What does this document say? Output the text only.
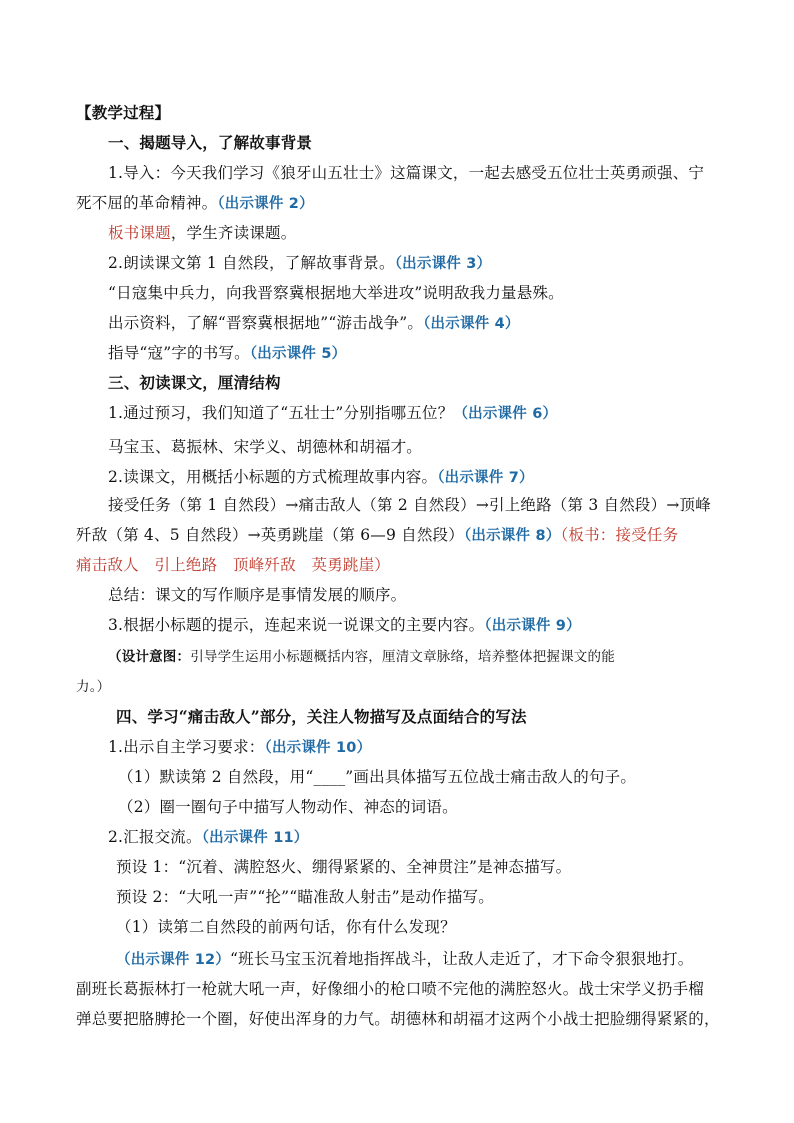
【教学过程】
一、揭题导入，了解故事背景
1.导入：今天我们学习《狼牙山五壮士》这篇课文，一起去感受五位壮士英勇顽强、宁
死不屈的革命精神。（出示课件 2）
板书课题，学生齐读课题。
2.朗读课文第 1 自然段，了解故事背景。（出示课件 3）
“日寇集中兵力，向我晋察冀根据地大举进攻”说明敌我力量悬殊。
出示资料，了解“晋察冀根据地”“游击战争”。（出示课件 4）
指导“寇”字的书写。（出示课件 5）
三、初读课文，厘清结构
1.通过预习，我们知道了“五壮士”分别指哪五位？（出示课件 6）
马宝玉、葛振林、宋学义、胡德林和胡福才。
2.读课文，用概括小标题的方式梳理故事内容。（出示课件 7）
接受任务（第 1 自然段）→痛击敌人（第 2 自然段）→引上绝路（第 3 自然段）→顶峰
歼敌（第 4、5 自然段）→英勇跳崖（第 6—9 自然段）（出示课件 8）（板书：接受任务
痛击敌人　引上绝路　顶峰歼敌　英勇跳崖）
总结：课文的写作顺序是事情发展的顺序。
3.根据小标题的提示，连起来说一说课文的主要内容。（出示课件 9）
（设计意图：引导学生运用小标题概括内容，厘清文章脉络，培养整体把握课文的能
力。）
四、学习“痛击敌人”部分，关注人物描写及点面结合的写法
1.出示自主学习要求：（出示课件 10）
（1）默读第 2 自然段，用“____”画出具体描写五位战士痛击敌人的句子。
（2）圈一圈句子中描写人物动作、神态的词语。
2.汇报交流。（出示课件 11）
预设 1：“沉着、满腔怒火、绷得紧紧的、全神贯注”是神态描写。
预设 2：“大吼一声”“抡”“瞄准敌人射击”是动作描写。
（1）读第二自然段的前两句话，你有什么发现？
（出示课件 12）“班长马宝玉沉着地指挥战斗，让敌人走近了，才下命令狠狠地打。
副班长葛振林打一枪就大吼一声，好像细小的枪口喷不完他的满腔怒火。战士宋学义扔手榴
弹总要把胳膊抡一个圈，好使出浑身的力气。胡德林和胡福才这两个小战士把脸绷得紧紧的，
